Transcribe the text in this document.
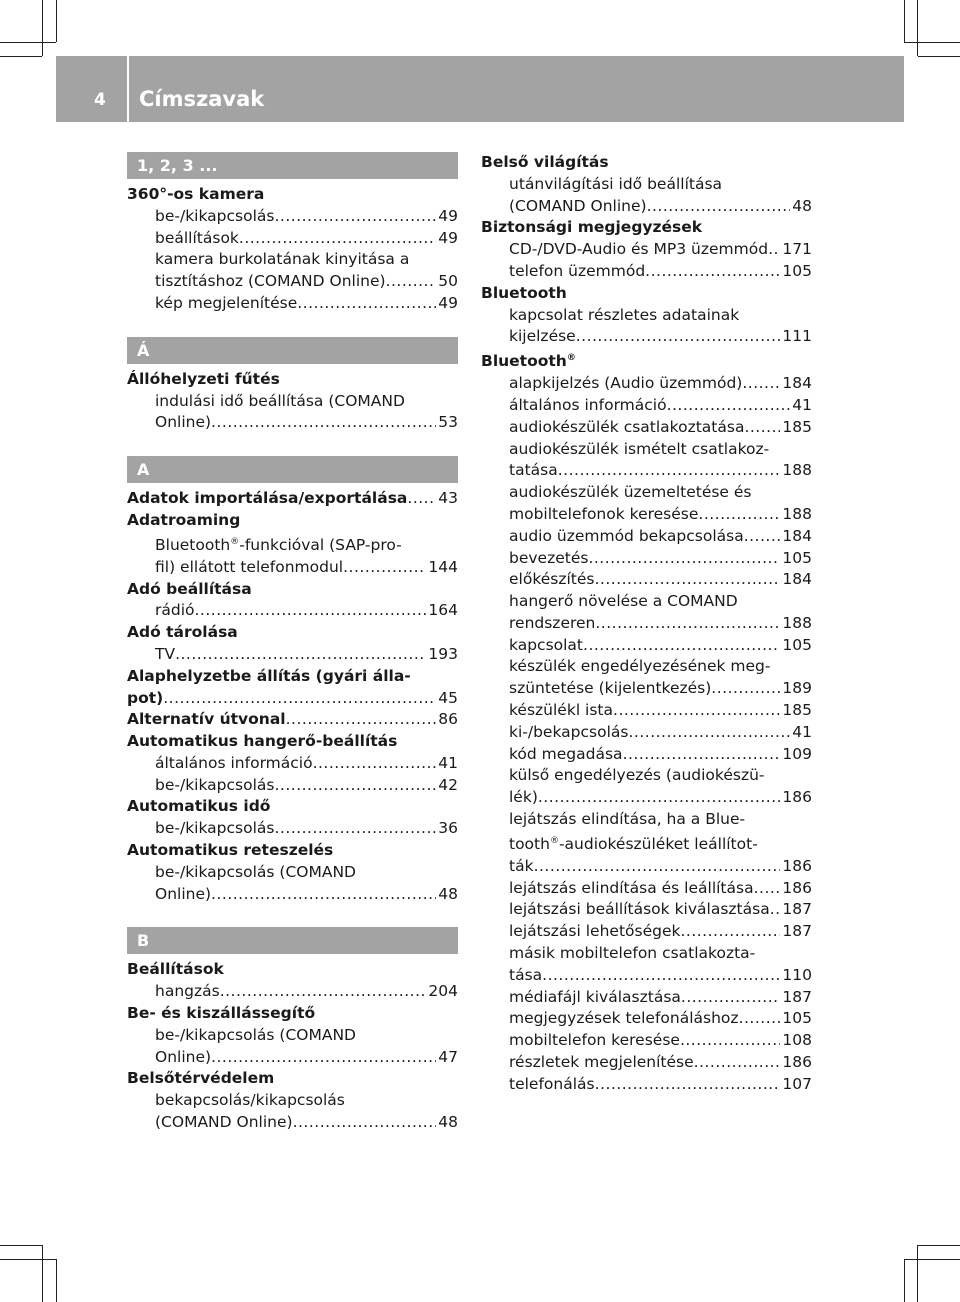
4 Címszavak
1, 2, 3 ...
360°-os kamera
be-/kikapcsolás .....	49
beállítások .....	49
kamera burkolatának kinyitása a
tisztításhoz (COMAND Online) .....	50
kép megjelenítése .....	49
Á
Állóhelyzeti fűtés
indulási idő beállítása (COMAND
Online) .....	53
A
Adatok importálása/exportálása ..... 43
Adatroaming
Bluetooth®-funkcióval (SAP-pro-
fil) ellátott telefonmodul .....	144
Adó beállítása
rádió .....	164
Adó tárolása
TV .....	193
Alaphelyzetbe állítás (gyári álla-
pot) .....	45
Alternatív útvonal .....	86
Automatikus hangerő-beállítás
általános információ .....	41
be-/kikapcsolás .....	42
Automatikus idő
be-/kikapcsolás .....	36
Automatikus reteszelés
be-/kikapcsolás (COMAND
Online) .....	48
B
Beállítások
hangzás .....	204
Be- és kiszállássegítő
be-/kikapcsolás (COMAND
Online) .....	47
Belsőtérvédelem
bekapcsolás/kikapcsolás
(COMAND Online) .....	48
Belső világítás
utánvilágítási idő beállítása
(COMAND Online) .....	48
Biztonsági megjegyzések
CD-/DVD-Audio és MP3 üzemmód ..... 171
telefon üzemmód .....	105
Bluetooth
kapcsolat részletes adatainak
kijelzése .....	111
Bluetooth®
alapkijelzés (Audio üzemmód) .....	184
általános információ .....	41
audiokészülék csatlakoztatása ..... 185
audiokészülék ismételt csatlakoz-
tatása .....	188
audiokészülék üzemeltetése és
mobiltelefonok keresése .....	188
audio üzemmód bekapcsolása ..... 184
bevezetés .....	105
előkészítés .....	184
hangerő növelése a COMAND
rendszeren .....	188
kapcsolat .....	105
készülék engedélyezésének meg-
szüntetése (kijelentkezés) .....	189
készülékl ista .....	185
ki-/bekapcsolás .....	41
kód megadása .....	109
külső engedélyezés (audiokészü-
lék) .....	186
lejátszás elindítása, ha a Blue-
tooth®-audiokészüléket leállítot-
ták .....	186
lejátszás elindítása és leállítása ..... 186
lejátszási beállítások kiválasztása ..... 187
lejátszási lehetőségek .....	187
másik mobiltelefon csatlakozta-
tása .....	110
médiafájl kiválasztása .....	187
megjegyzések telefonáláshoz .....	105
mobiltelefon keresése .....	108
részletek megjelenítése .....	186
telefonálás .....	107
